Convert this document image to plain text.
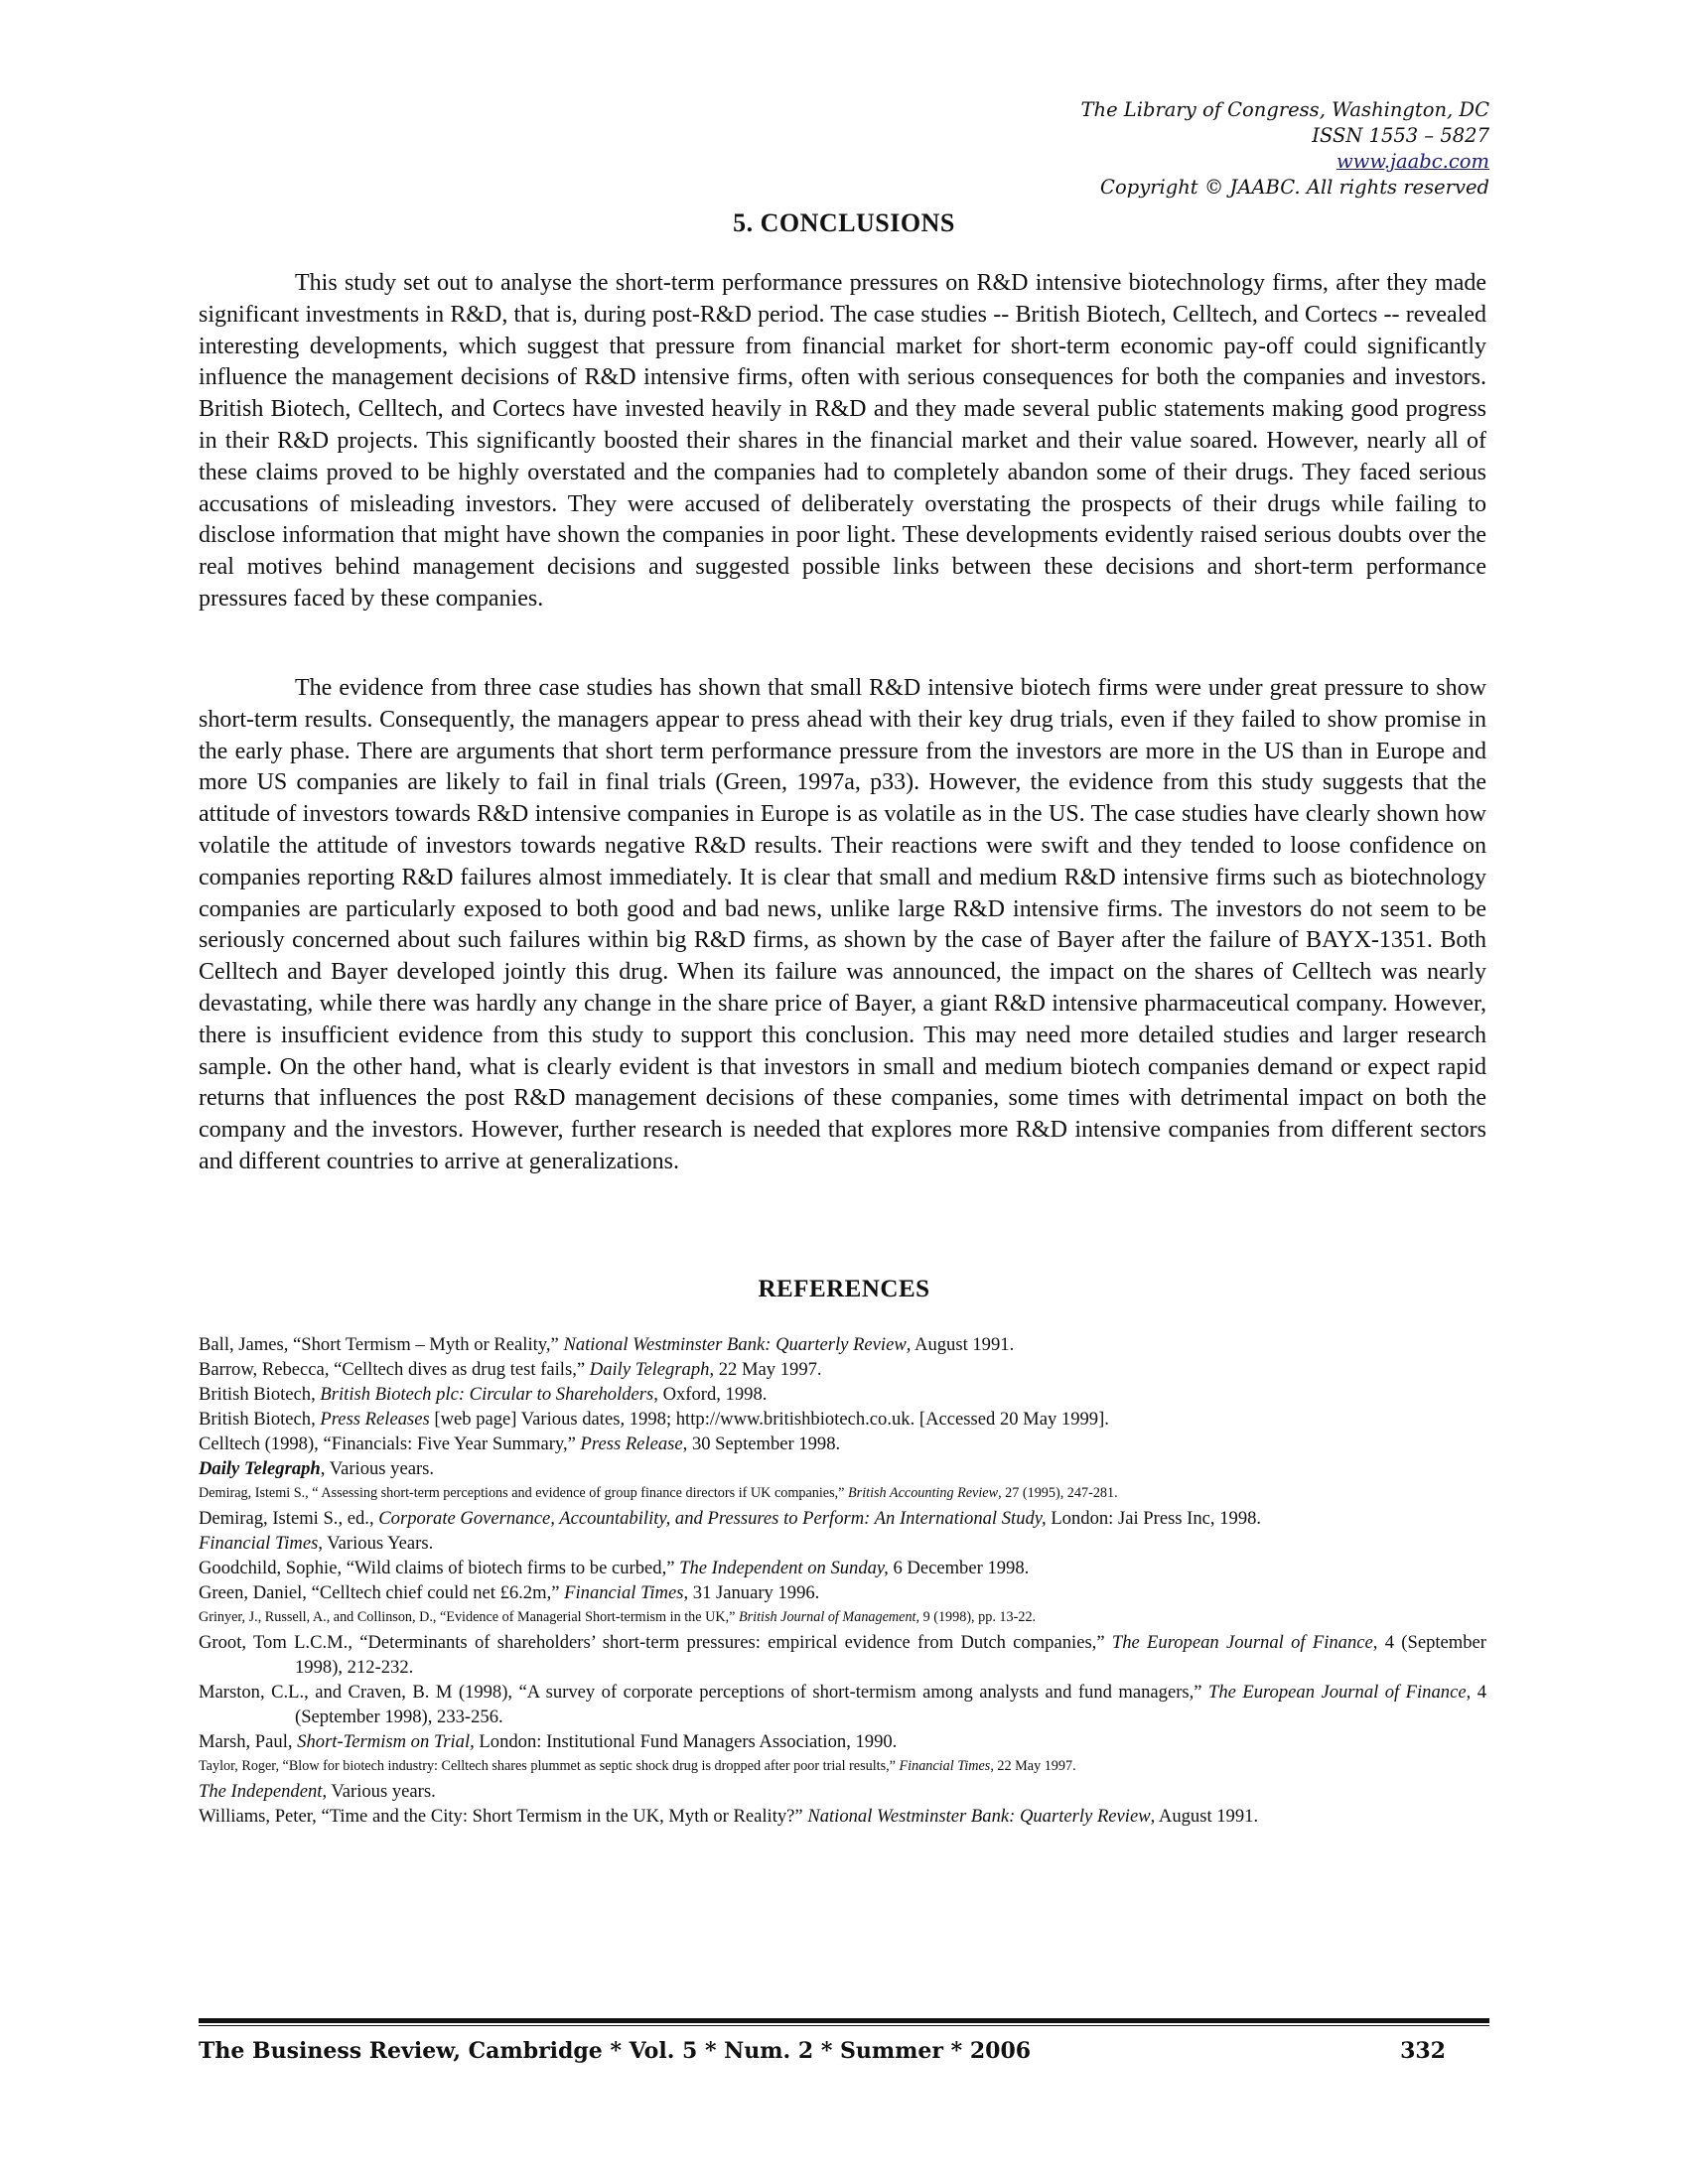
The Library of Congress, Washington, DC
ISSN 1553 – 5827
www.jaabc.com
Copyright © JAABC. All rights reserved
5. CONCLUSIONS

This study set out to analyse the short-term performance pressures on R&D intensive biotechnology firms, after they made significant investments in R&D, that is, during post-R&D period. The case studies -- British Biotech, Celltech, and Cortecs -- revealed interesting developments, which suggest that pressure from financial market for short-term economic pay-off could significantly influence the management decisions of R&D intensive firms, often with serious consequences for both the companies and investors. British Biotech, Celltech, and Cortecs have invested heavily in R&D and they made several public statements making good progress in their R&D projects. This significantly boosted their shares in the financial market and their value soared. However, nearly all of these claims proved to be highly overstated and the companies had to completely abandon some of their drugs. They faced serious accusations of misleading investors. They were accused of deliberately overstating the prospects of their drugs while failing to disclose information that might have shown the companies in poor light. These developments evidently raised serious doubts over the real motives behind management decisions and suggested possible links between these decisions and short-term performance pressures faced by these companies.

The evidence from three case studies has shown that small R&D intensive biotech firms were under great pressure to show short-term results. Consequently, the managers appear to press ahead with their key drug trials, even if they failed to show promise in the early phase. There are arguments that short term performance pressure from the investors are more in the US than in Europe and more US companies are likely to fail in final trials (Green, 1997a, p33). However, the evidence from this study suggests that the attitude of investors towards R&D intensive companies in Europe is as volatile as in the US. The case studies have clearly shown how volatile the attitude of investors towards negative R&D results. Their reactions were swift and they tended to loose confidence on companies reporting R&D failures almost immediately. It is clear that small and medium R&D intensive firms such as biotechnology companies are particularly exposed to both good and bad news, unlike large R&D intensive firms. The investors do not seem to be seriously concerned about such failures within big R&D firms, as shown by the case of Bayer after the failure of BAYX-1351. Both Celltech and Bayer developed jointly this drug. When its failure was announced, the impact on the shares of Celltech was nearly devastating, while there was hardly any change in the share price of Bayer, a giant R&D intensive pharmaceutical company. However, there is insufficient evidence from this study to support this conclusion. This may need more detailed studies and larger research sample. On the other hand, what is clearly evident is that investors in small and medium biotech companies demand or expect rapid returns that influences the post R&D management decisions of these companies, some times with detrimental impact on both the company and the investors. However, further research is needed that explores more R&D intensive companies from different sectors and different countries to arrive at generalizations.

REFERENCES
Ball, James, “Short Termism – Myth or Reality,” National Westminster Bank: Quarterly Review, August 1991.
Barrow, Rebecca, “Celltech dives as drug test fails,” Daily Telegraph, 22 May 1997.
British Biotech, British Biotech plc: Circular to Shareholders, Oxford, 1998.
British Biotech, Press Releases [web page] Various dates, 1998; http://www.britishbiotech.co.uk. [Accessed 20 May 1999].
Celltech (1998), “Financials: Five Year Summary,” Press Release, 30 September 1998.
Daily Telegraph, Various years.
Demirag, Istemi S., “ Assessing short-term perceptions and evidence of group finance directors if UK companies,” British Accounting Review, 27 (1995), 247-281.
Demirag, Istemi S., ed., Corporate Governance, Accountability, and Pressures to Perform: An International Study, London: Jai Press Inc, 1998.
Financial Times, Various Years.
Goodchild, Sophie, “Wild claims of biotech firms to be curbed,” The Independent on Sunday, 6 December 1998.
Green, Daniel, “Celltech chief could net £6.2m,” Financial Times, 31 January 1996.
Grinyer, J., Russell, A., and Collinson, D., “Evidence of Managerial Short-termism in the UK,” British Journal of Management, 9 (1998), pp. 13-22.
Groot, Tom L.C.M., “Determinants of shareholders’ short-term pressures: empirical evidence from Dutch companies,” The European Journal of Finance, 4 (September 1998), 212-232.
Marston, C.L., and Craven, B. M (1998), “A survey of corporate perceptions of short-termism among analysts and fund managers,” The European Journal of Finance, 4 (September 1998), 233-256.
Marsh, Paul, Short-Termism on Trial, London: Institutional Fund Managers Association, 1990.
Taylor, Roger, “Blow for biotech industry: Celltech shares plummet as septic shock drug is dropped after poor trial results,” Financial Times, 22 May 1997.
The Independent, Various years.
Williams, Peter, “Time and the City: Short Termism in the UK, Myth or Reality?” National Westminster Bank: Quarterly Review, August 1991.
The Business Review, Cambridge * Vol. 5 * Num. 2 * Summer * 2006	332
